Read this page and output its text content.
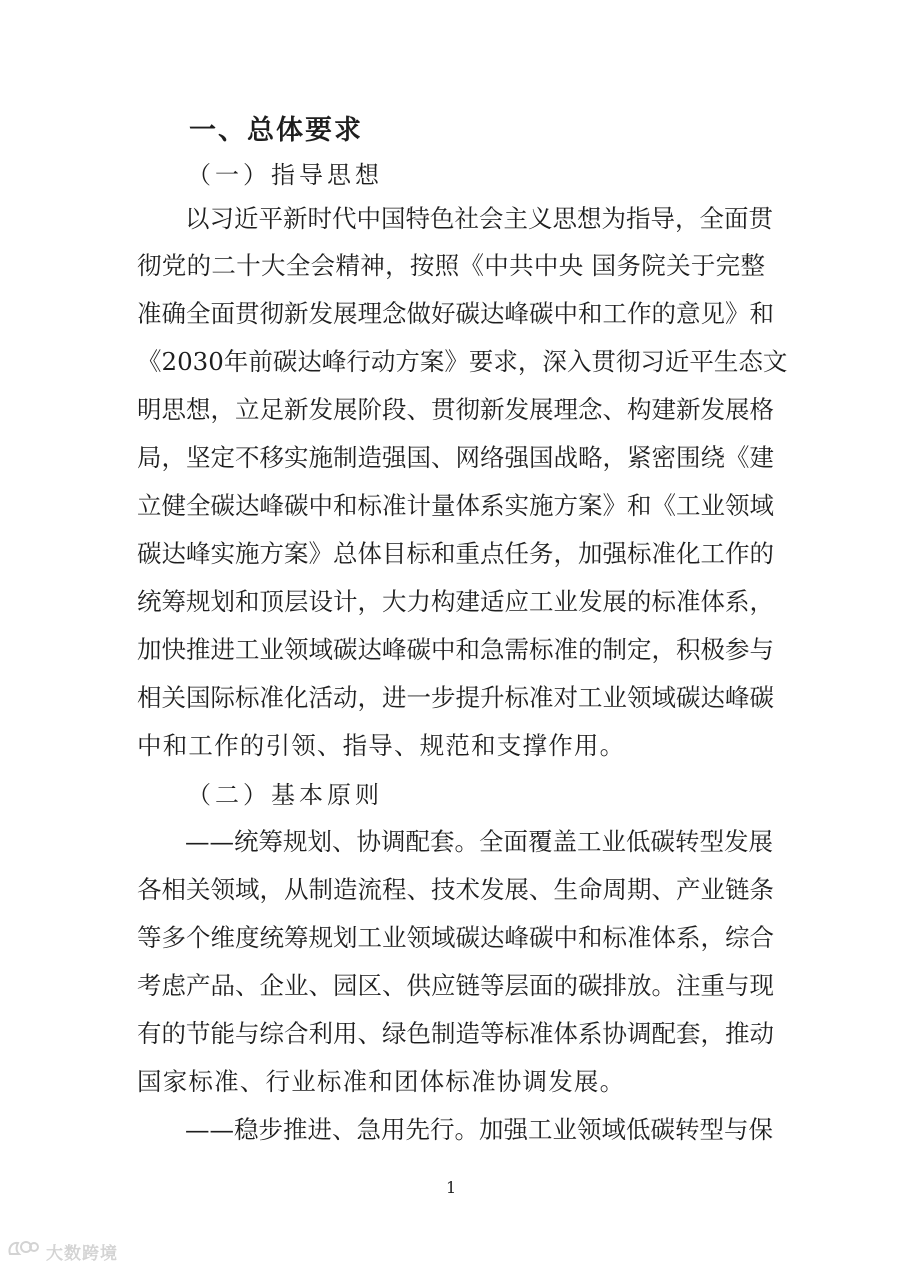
一、总体要求
（一）指导思想
以习近平新时代中国特色社会主义思想为指导，全面贯
彻党的二十大全会精神，按照《中共中央 国务院关于完整
准确全面贯彻新发展理念做好碳达峰碳中和工作的意见》和
《2030年前碳达峰行动方案》要求，深入贯彻习近平生态文
明思想，立足新发展阶段、贯彻新发展理念、构建新发展格
局，坚定不移实施制造强国、网络强国战略，紧密围绕《建
立健全碳达峰碳中和标准计量体系实施方案》和《工业领域
碳达峰实施方案》总体目标和重点任务，加强标准化工作的
统筹规划和顶层设计，大力构建适应工业发展的标准体系，
加快推进工业领域碳达峰碳中和急需标准的制定，积极参与
相关国际标准化活动，进一步提升标准对工业领域碳达峰碳
中和工作的引领、指导、规范和支撑作用。
（二）基本原则
——统筹规划、协调配套。全面覆盖工业低碳转型发展
各相关领域，从制造流程、技术发展、生命周期、产业链条
等多个维度统筹规划工业领域碳达峰碳中和标准体系，综合
考虑产品、企业、园区、供应链等层面的碳排放。注重与现
有的节能与综合利用、绿色制造等标准体系协调配套，推动
国家标准、行业标准和团体标准协调发展。
——稳步推进、急用先行。加强工业领域低碳转型与保
1
大数跨境
